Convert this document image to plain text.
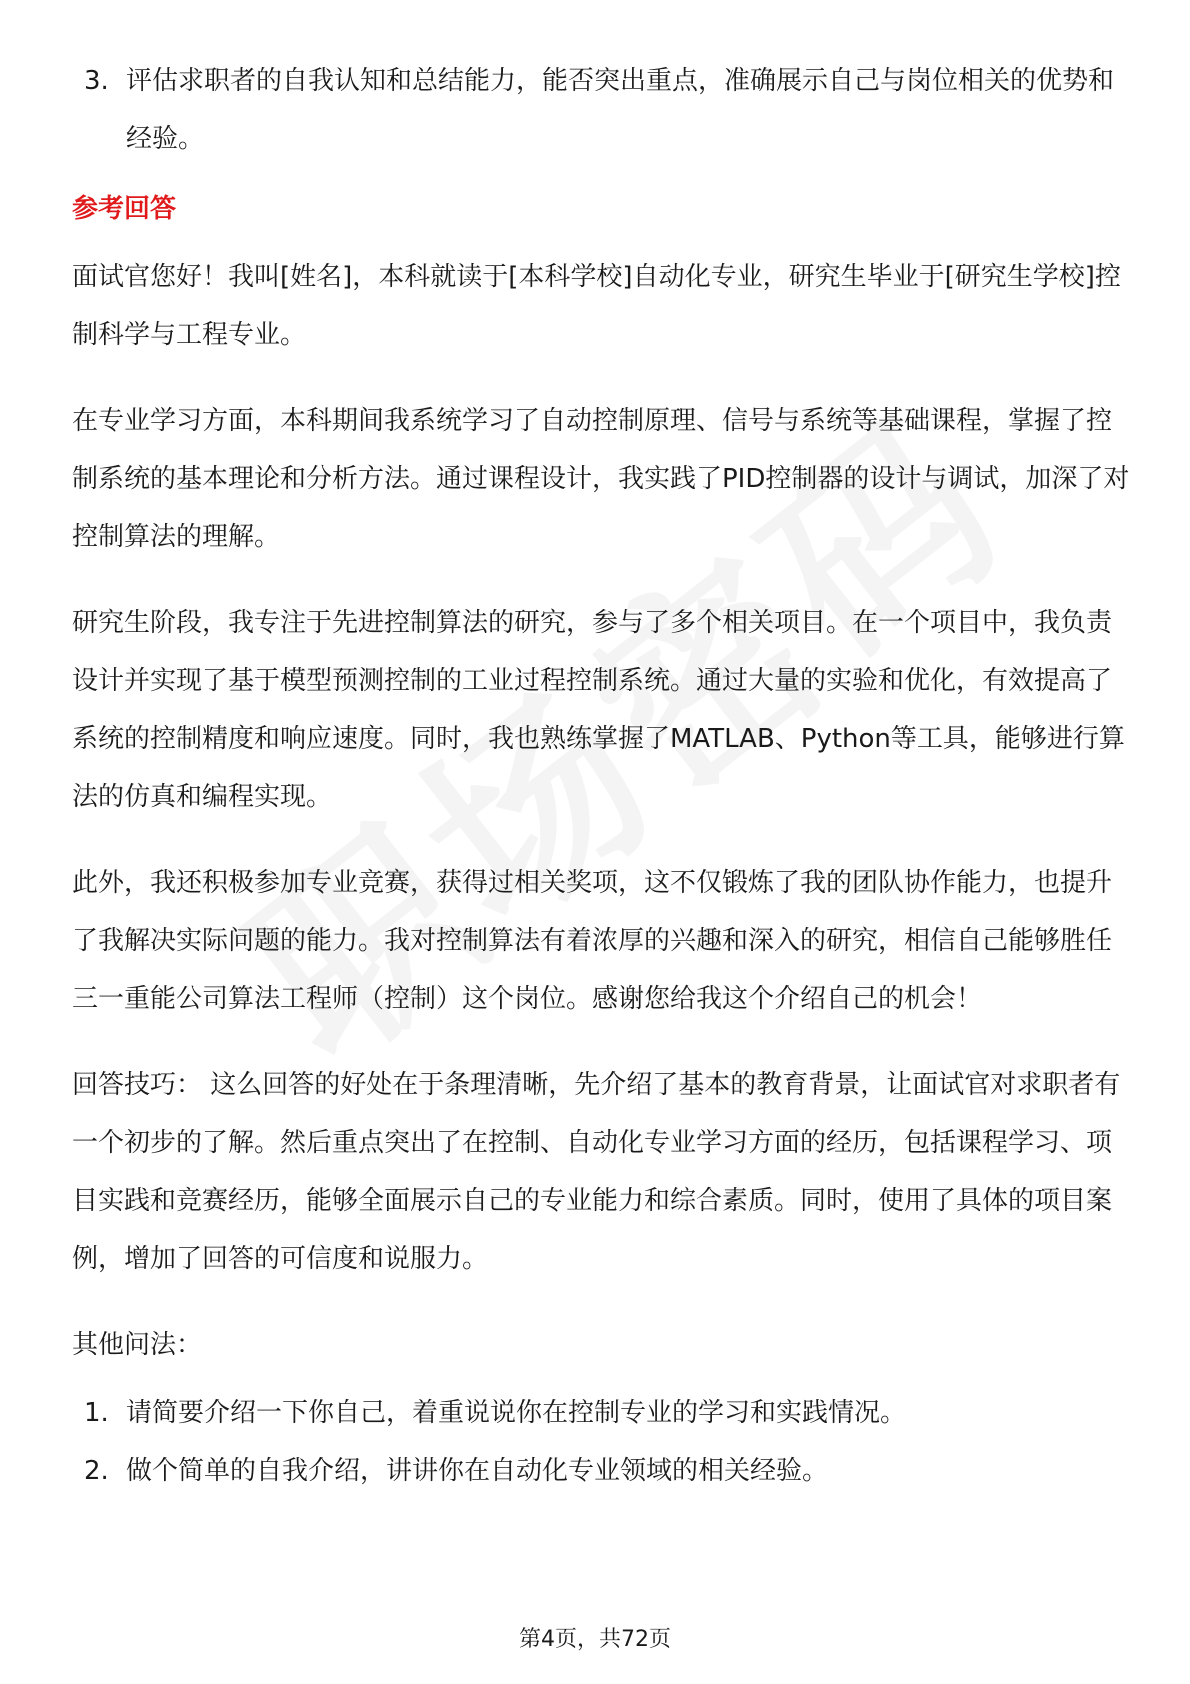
3. 评估求职者的自我认知和总结能力，能否突出重点，准确展示自己与岗位相关的优势和经验。
参考回答

面试官您好！我叫[姓名]，本科就读于[本科学校]自动化专业，研究生毕业于[研究生学校]控制科学与工程专业。

在专业学习方面，本科期间我系统学习了自动控制原理、信号与系统等基础课程，掌握了控制系统的基本理论和分析方法。通过课程设计，我实践了PID控制器的设计与调试，加深了对控制算法的理解。

研究生阶段，我专注于先进控制算法的研究，参与了多个相关项目。在一个项目中，我负责设计并实现了基于模型预测控制的工业过程控制系统。通过大量的实验和优化，有效提高了系统的控制精度和响应速度。同时，我也熟练掌握了MATLAB、Python等工具，能够进行算法的仿真和编程实现。

此外，我还积极参加专业竞赛，获得过相关奖项，这不仅锻炼了我的团队协作能力，也提升了我解决实际问题的能力。我对控制算法有着浓厚的兴趣和深入的研究，相信自己能够胜任三一重能公司算法工程师（控制）这个岗位。感谢您给我这个介绍自己的机会！

回答技巧： 这么回答的好处在于条理清晰，先介绍了基本的教育背景，让面试官对求职者有一个初步的了解。然后重点突出了在控制、自动化专业学习方面的经历，包括课程学习、项目实践和竞赛经历，能够全面展示自己的专业能力和综合素质。同时，使用了具体的项目案例，增加了回答的可信度和说服力。

其他问法：

1. 请简要介绍一下你自己，着重说说你在控制专业的学习和实践情况。
2. 做个简单的自我介绍，讲讲你在自动化专业领域的相关经验。
第4页，共72页
